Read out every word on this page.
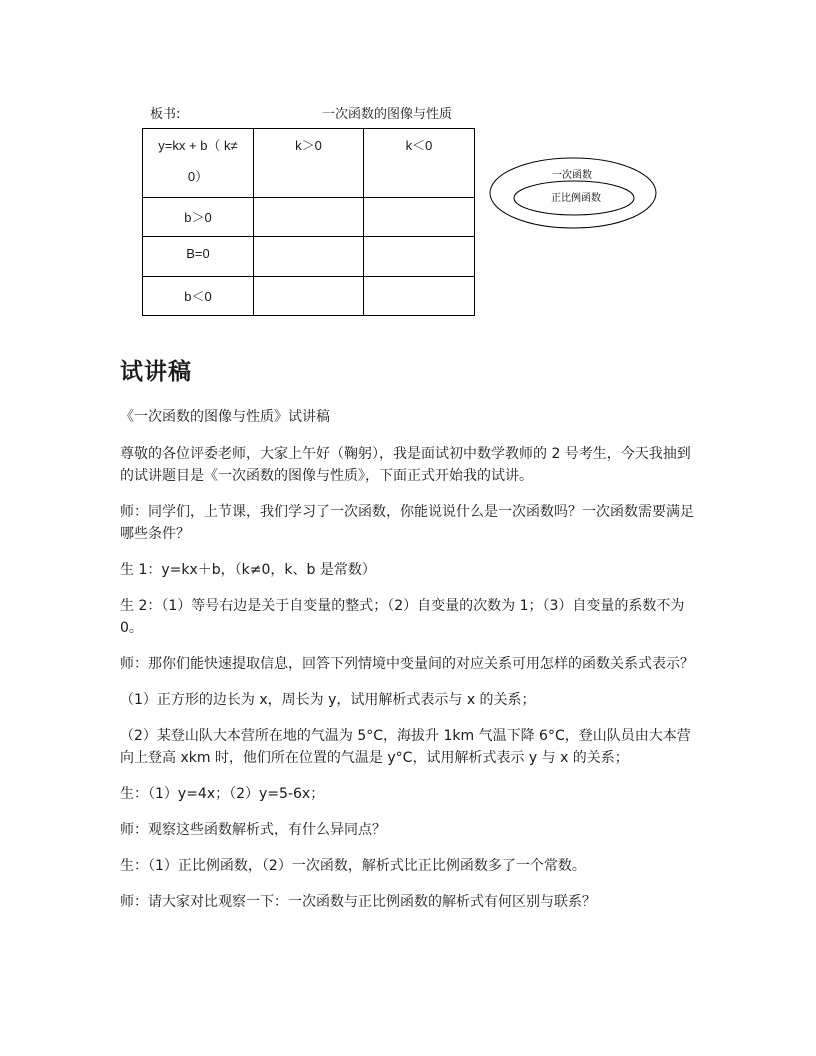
板书:	一次函数的图像与性质
y=kx + b（ k≠
0）	k＞0	k＜0

b＞0		

B=0		

b＜0		

一次函数
正比例函数
试讲稿

《一次函数的图像与性质》试讲稿

尊敬的各位评委老师，大家上午好（鞠躬），我是面试初中数学教师的 2 号考生，今天我抽到的试讲题目是《一次函数的图像与性质》，下面正式开始我的试讲。

师：同学们，上节课，我们学习了一次函数，你能说说什么是一次函数吗？一次函数需要满足哪些条件？

生 1：y=kx＋b，（k≠0，k、b 是常数）

生 2：（1）等号右边是关于自变量的整式；（2）自变量的次数为 1；（3）自变量的系数不为 0。

师：那你们能快速提取信息，回答下列情境中变量间的对应关系可用怎样的函数关系式表示？

（1）正方形的边长为 x，周长为 y，试用解析式表示与 x 的关系；

（2）某登山队大本营所在地的气温为 5°C，海拔升 1km 气温下降 6°C，登山队员由大本营向上登高 xkm 时，他们所在位置的气温是 y°C，试用解析式表示 y 与 x 的关系；

生：（1）y=4x；（2）y=5-6x；

师：观察这些函数解析式，有什么异同点？

生：（1）正比例函数，（2）一次函数，解析式比正比例函数多了一个常数。

师：请大家对比观察一下：一次函数与正比例函数的解析式有何区别与联系？
